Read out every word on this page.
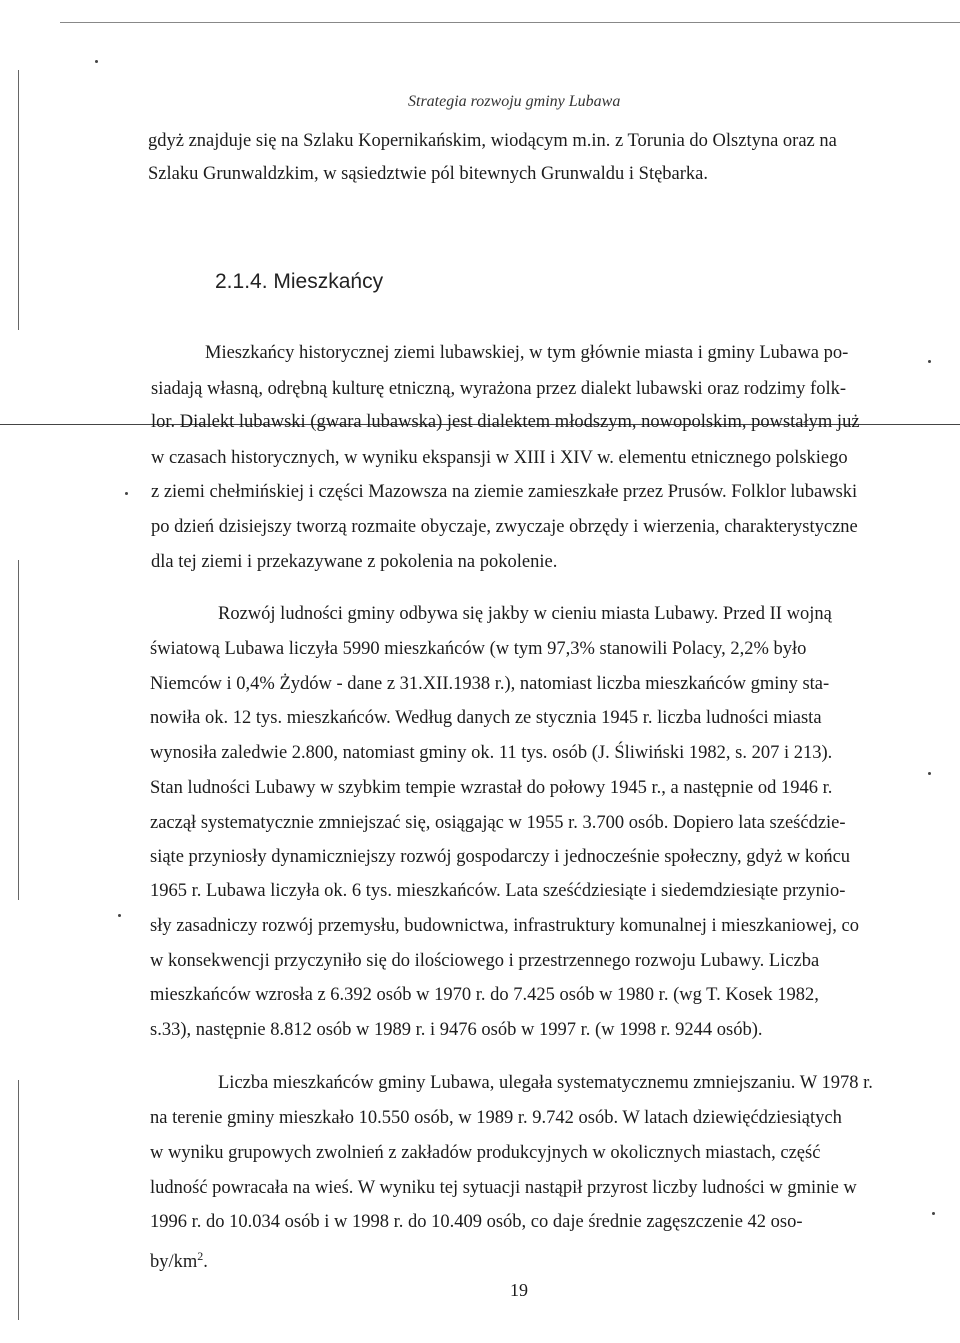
Strategia rozwoju gminy Lubawa
gdyż znajduje się na Szlaku Kopernikańskim, wiodącym m.in. z Torunia do Olsztyna oraz na
Szlaku Grunwaldzkim, w sąsiedztwie pól bitewnych Grunwaldu i Stębarka.
2.1.4. Mieszkańcy
Mieszkańcy historycznej ziemi lubawskiej, w tym głównie miasta i gminy Lubawa po-
siadają własną, odrębną kulturę etniczną, wyrażona przez dialekt lubawski oraz rodzimy folk-
lor. Dialekt lubawski (gwara lubawska) jest dialektem młodszym, nowopolskim, powstałym już
w czasach historycznych, w wyniku ekspansji w XIII i XIV w. elementu etnicznego polskiego
z ziemi chełmińskiej i części Mazowsza na ziemie zamieszkałe przez Prusów. Folklor lubawski
po dzień dzisiejszy tworzą rozmaite obyczaje, zwyczaje obrzędy i wierzenia, charakterystyczne
dla tej ziemi i przekazywane z pokolenia na pokolenie.
Rozwój ludności gminy odbywa się jakby w cieniu miasta Lubawy. Przed II wojną
światową Lubawa liczyła 5990 mieszkańców (w tym 97,3% stanowili Polacy, 2,2% było
Niemców i 0,4% Żydów - dane z 31.XII.1938 r.), natomiast liczba mieszkańców gminy sta-
nowiła ok. 12 tys. mieszkańców. Według danych ze stycznia 1945 r. liczba ludności miasta
wynosiła zaledwie 2.800, natomiast gminy ok. 11 tys. osób (J. Śliwiński 1982, s. 207 i 213).
Stan ludności Lubawy w szybkim tempie wzrastał do połowy 1945 r., a następnie od 1946 r.
zaczął systematycznie zmniejszać się, osiągając w 1955 r. 3.700 osób. Dopiero lata sześćdzie-
siąte przyniosły dynamiczniejszy rozwój gospodarczy i jednocześnie społeczny, gdyż w końcu
1965 r. Lubawa liczyła ok. 6 tys. mieszkańców. Lata sześćdziesiąte i siedemdziesiąte przynio-
sły zasadniczy rozwój przemysłu, budownictwa, infrastruktury komunalnej i mieszkaniowej, co
w konsekwencji przyczyniło się do ilościowego i przestrzennego rozwoju Lubawy. Liczba
mieszkańców wzrosła z 6.392 osób w 1970 r. do 7.425 osób w 1980 r. (wg T. Kosek 1982,
s.33), następnie 8.812 osób w 1989 r. i 9476 osób w 1997 r. (w 1998 r. 9244 osób).
Liczba mieszkańców gminy Lubawa, ulegała systematycznemu zmniejszaniu. W 1978 r.
na terenie gminy mieszkało 10.550 osób, w 1989 r. 9.742 osób. W latach dziewięćdziesiątych
w wyniku grupowych zwolnień z zakładów produkcyjnych w okolicznych miastach, część
ludność powracała na wieś. W wyniku tej sytuacji nastąpił przyrost liczby ludności w gminie w
1996 r. do 10.034 osób i w 1998 r. do 10.409 osób, co daje średnie zagęszczenie 42 oso-
$by/km^2$.
19
